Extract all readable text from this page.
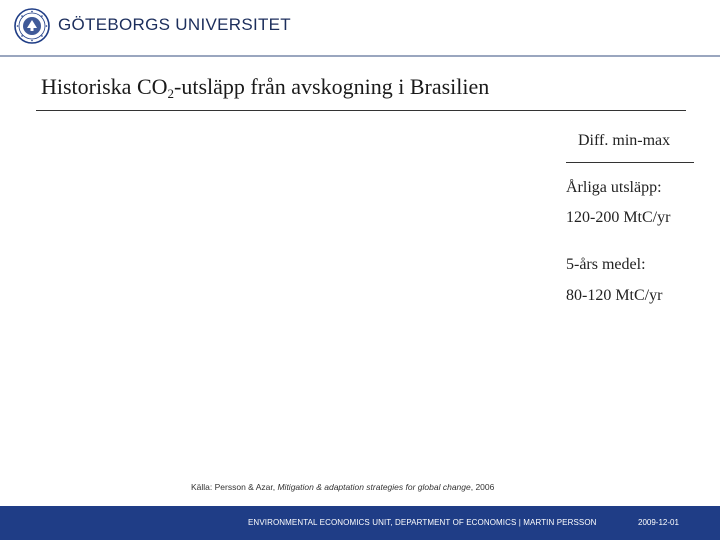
GÖTEBORGS UNIVERSITET
Historiska $CO_2$-utsläpp från avskogning i Brasilien
Diff. min-max
Årliga utsläpp:
120-200 MtC/yr
5-års medel:
80-120 MtC/yr
Källa: Persson & Azar, Mitigation & adaptation strategies for global change, 2006
ENVIRONMENTAL ECONOMICS UNIT, DEPARTMENT OF ECONOMICS | MARTIN PERSSON	2009-12-01
